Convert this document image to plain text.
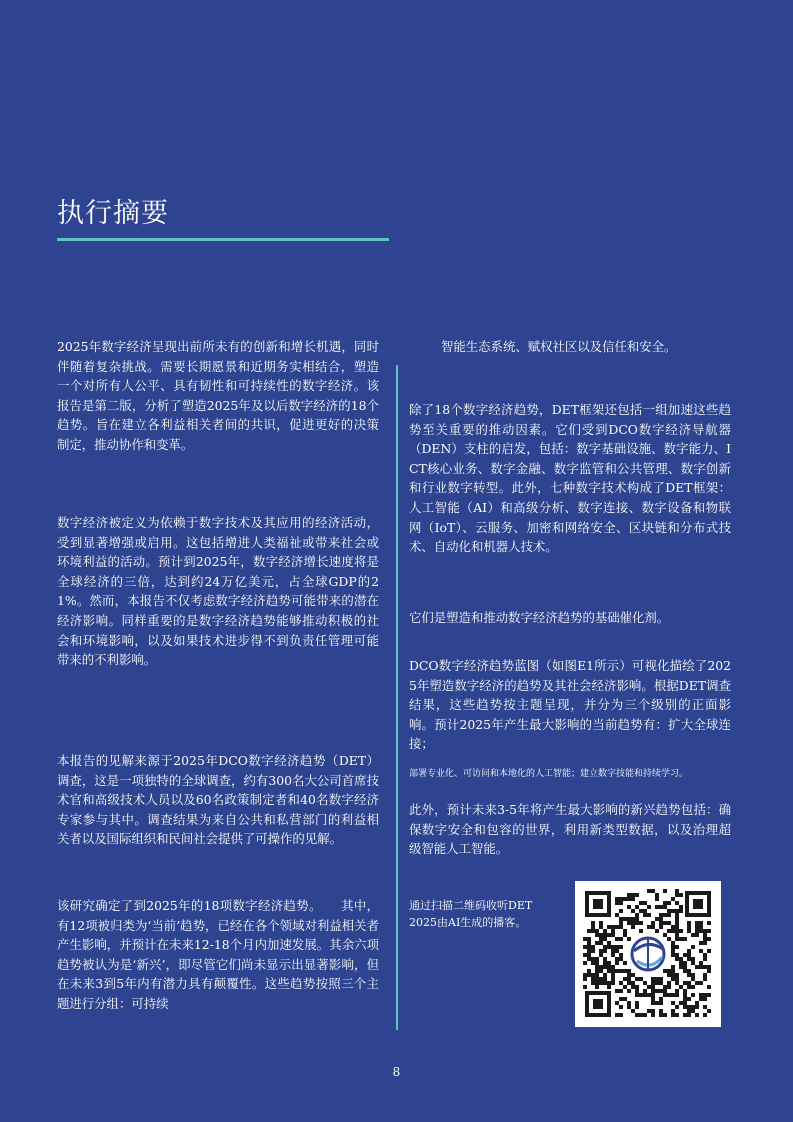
执行摘要

2025年数字经济呈现出前所未有的创新和增长机遇，同时伴随着复杂挑战。需要长期愿景和近期务实相结合，塑造一个对所有人公平、具有韧性和可持续性的数字经济。该报告是第二版，分析了塑造2025年及以后数字经济的18个趋势。旨在建立各利益相关者间的共识，促进更好的决策制定，推动协作和变革。

数字经济被定义为依赖于数字技术及其应用的经济活动，受到显著增强或启用。这包括增进人类福祉或带来社会或环境利益的活动。预计到2025年，数字经济增长速度将是全球经济的三倍，达到约24万亿美元，占全球GDP的21%。然而，本报告不仅考虑数字经济趋势可能带来的潜在经济影响。同样重要的是数字经济趋势能够推动积极的社会和环境影响，以及如果技术进步得不到负责任管理可能带来的不利影响。

本报告的见解来源于2025年DCO数字经济趋势（DET）调查，这是一项独特的全球调查，约有300名大公司首席技术官和高级技术人员以及60名政策制定者和40名数字经济专家参与其中。调查结果为来自公共和私营部门的利益相关者以及国际组织和民间社会提供了可操作的见解。

该研究确定了到2025年的18项数字经济趋势。　　其中，有12项被归类为‘当前’趋势，已经在各个领域对利益相关者产生影响，并预计在未来12-18个月内加速发展。其余六项趋势被认为是‘新兴’，即尽管它们尚未显示出显著影响，但在未来3到5年内有潜力具有颠覆性。这些趋势按照三个主题进行分组：可持续

智能生态系统、赋权社区以及信任和安全。

除了18个数字经济趋势，DET框架还包括一组加速这些趋势至关重要的推动因素。它们受到DCO数字经济导航器（DEN）支柱的启发，包括：数字基础设施、数字能力、ICT核心业务、数字金融、数字监管和公共管理、数字创新和行业数字转型。此外，七种数字技术构成了DET框架：人工智能（AI）和高级分析、数字连接、数字设备和物联网（IoT）、云服务、加密和网络安全、区块链和分布式技术、自动化和机器人技术。

它们是塑造和推动数字经济趋势的基础催化剂。

DCO数字经济趋势蓝图（如图E1所示）可视化描绘了2025年塑造数字经济的趋势及其社会经济影响。根据DET调查结果，这些趋势按主题呈现，并分为三个级别的正面影响。预计2025年产生最大影响的当前趋势有：扩大全球连接；

部署专业化、可访问和本地化的人工智能；建立数字技能和持续学习。

此外，预计未来3-5年将产生最大影响的新兴趋势包括：确保数字安全和包容的世界，利用新类型数据，以及治理超级智能人工智能。

通过扫描二维码收听DET 2025由AI生成的播客。

8
